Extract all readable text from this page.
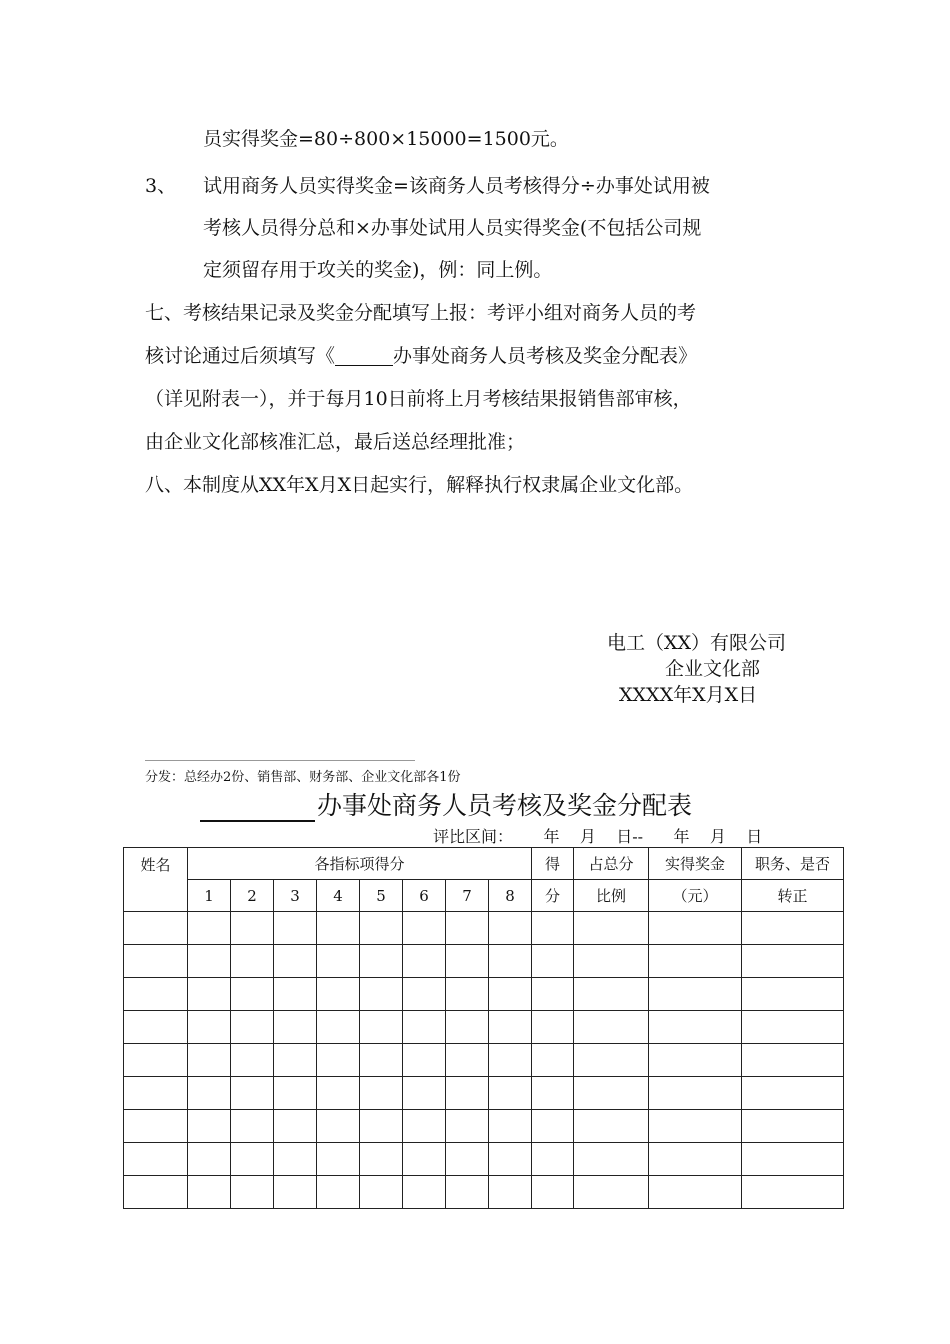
员实得奖金=80÷800×15000=1500元。
3、 试用商务人员实得奖金=该商务人员考核得分÷办事处试用被
考核人员得分总和×办事处试用人员实得奖金(不包括公司规
定须留存用于攻关的奖金)，例：同上例。
七、考核结果记录及奖金分配填写上报：考评小组对商务人员的考
核讨论通过后须填写《	办事处商务人员考核及奖金分配表》
（详见附表一），并于每月10日前将上月考核结果报销售部审核，
由企业文化部核准汇总，最后送总经理批准；
八、本制度从XX年X月X日起实行，解释执行权隶属企业文化部。
电工（XX）有限公司
企业文化部
XXXX年X月X日
分发：总经办2份、销售部、财务部、企业文化部各1份
办事处商务人员考核及奖金分配表
评比区间：      年    月    日--      年    月    日
姓名	各指标项得分								得	占总分	实得奖金	职务、是否
	1	2	3	4	5	6	7	8	分	比例	（元）	转正
